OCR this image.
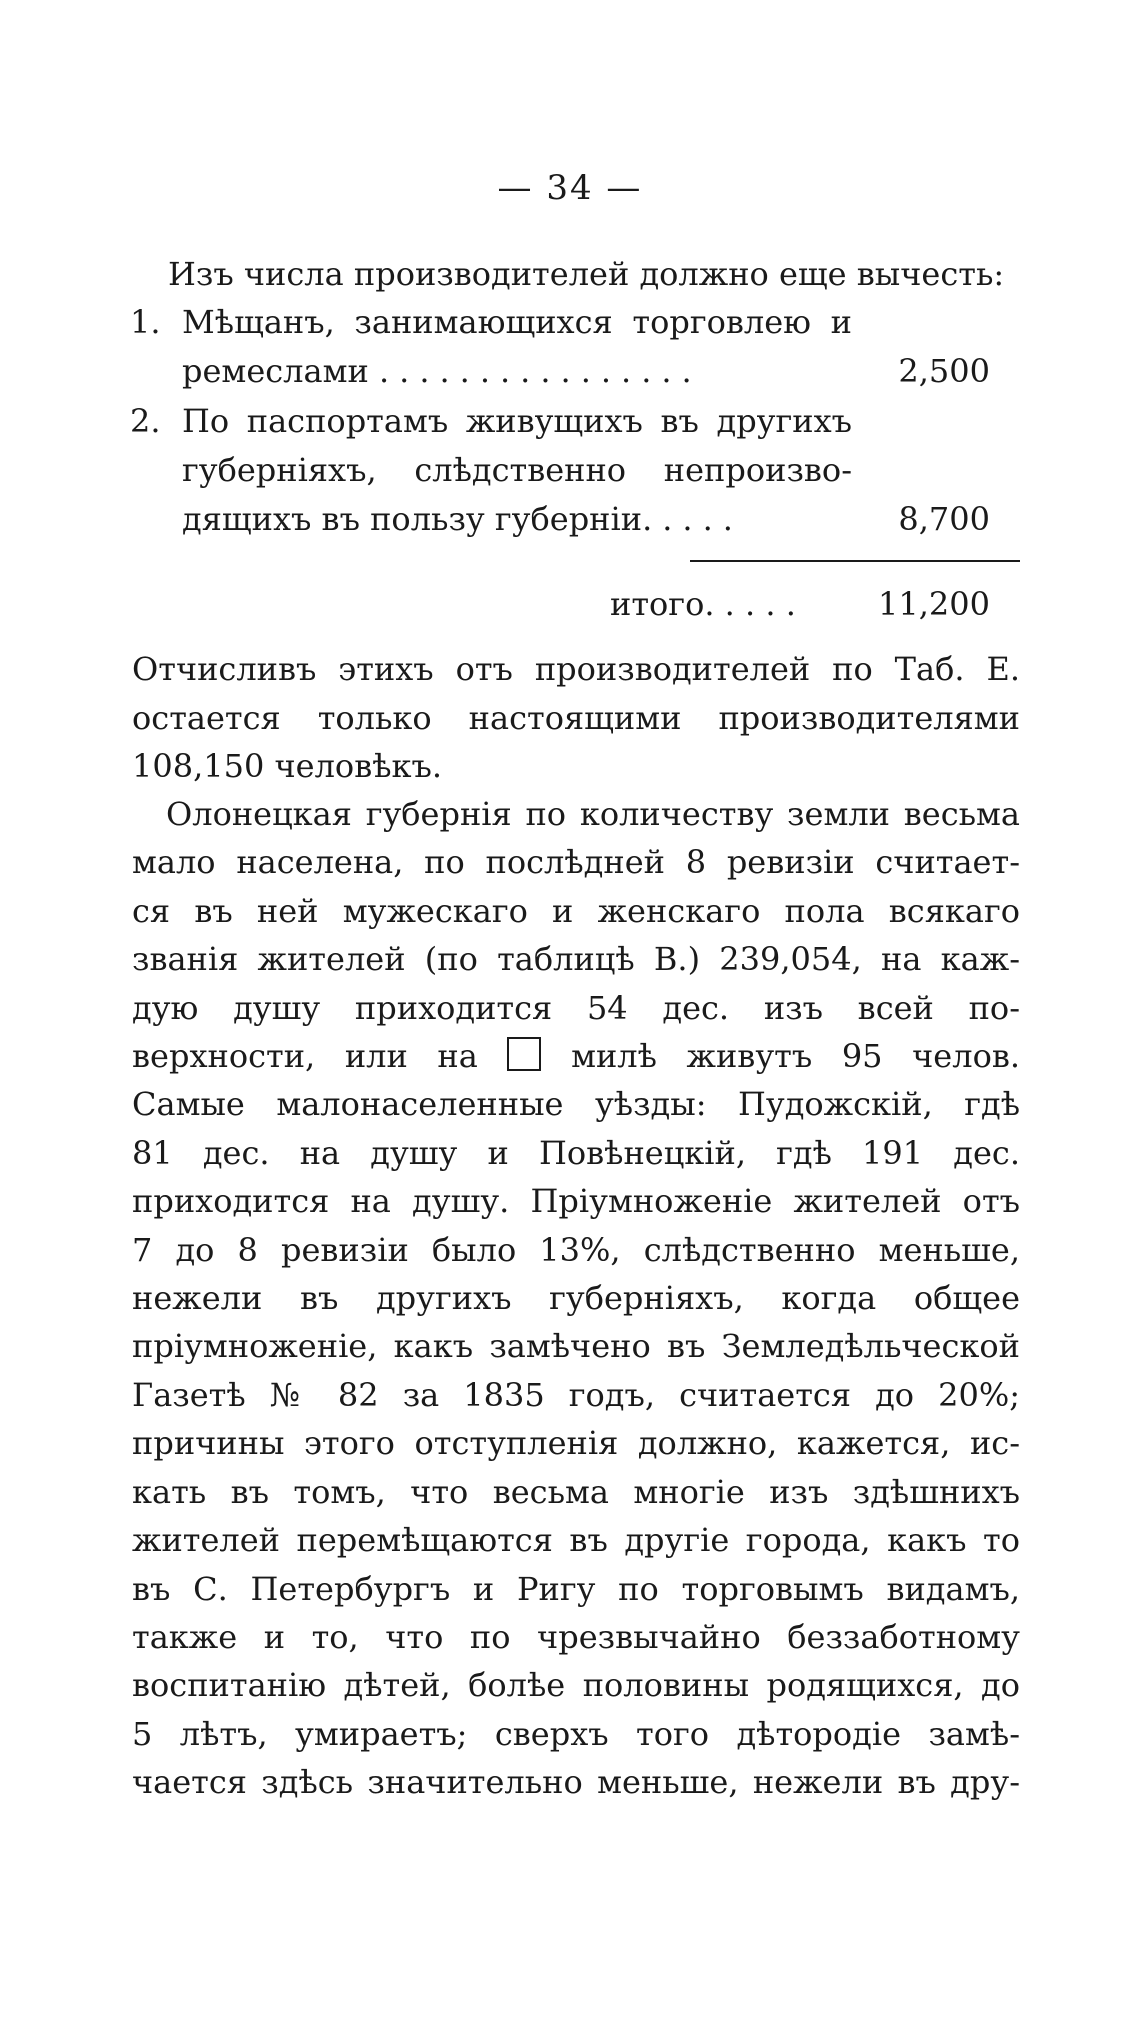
— 34 —
Изъ числа производителей должно еще вычесть:
1. Мѣщанъ, занимающихся торговлею и
ремеслами ................	2,500
2. По паспортамъ живущихъ въ другихъ
губерніяхъ, слѣдственно непроизво-
дящихъ въ пользу губерніи.....	8,700
итого. . . . .	11,200
Отчисливъ этихъ отъ производителей по Таб. Е.
остается только настоящими производителями
108,150 человѣкъ.
Олонецкая губернія по количеству земли весьма
мало населена, по послѣдней 8 ревизіи считает-
ся въ ней мужескаго и женскаго пола всякаго
званія жителей (по таблицѣ В.) 239,054, на каж-
дую душу приходится 54 дес. изъ всей по-
верхности, или на	милѣ живутъ 95 челов.
Самые малонаселенные уѣзды: Пудожскій, гдѣ
81 дес. на душу и Повѣнецкій, гдѣ 191 дес.
приходится на душу. Пріумноженіе жителей отъ
7 до 8 ревизіи было 13%, слѣдственно меньше,
нежели въ другихъ губерніяхъ, когда общее
пріумноженіе, какъ замѣчено въ Земледѣльческой
Газетѣ № 82 за 1835 годъ, считается до 20%;
причины этого отступленія должно, кажется, ис-
кать въ томъ, что весьма многіе изъ здѣшнихъ
жителей перемѣщаются въ другіе города, какъ то
въ С. Петербургъ и Ригу по торговымъ видамъ,
также и то, что по чрезвычайно беззаботному
воспитанію дѣтей, болѣе половины родящихся, до
5 лѣтъ, умираетъ; сверхъ того дѣтородіе замѣ-
чается здѣсь значительно меньше, нежели въ дру-
